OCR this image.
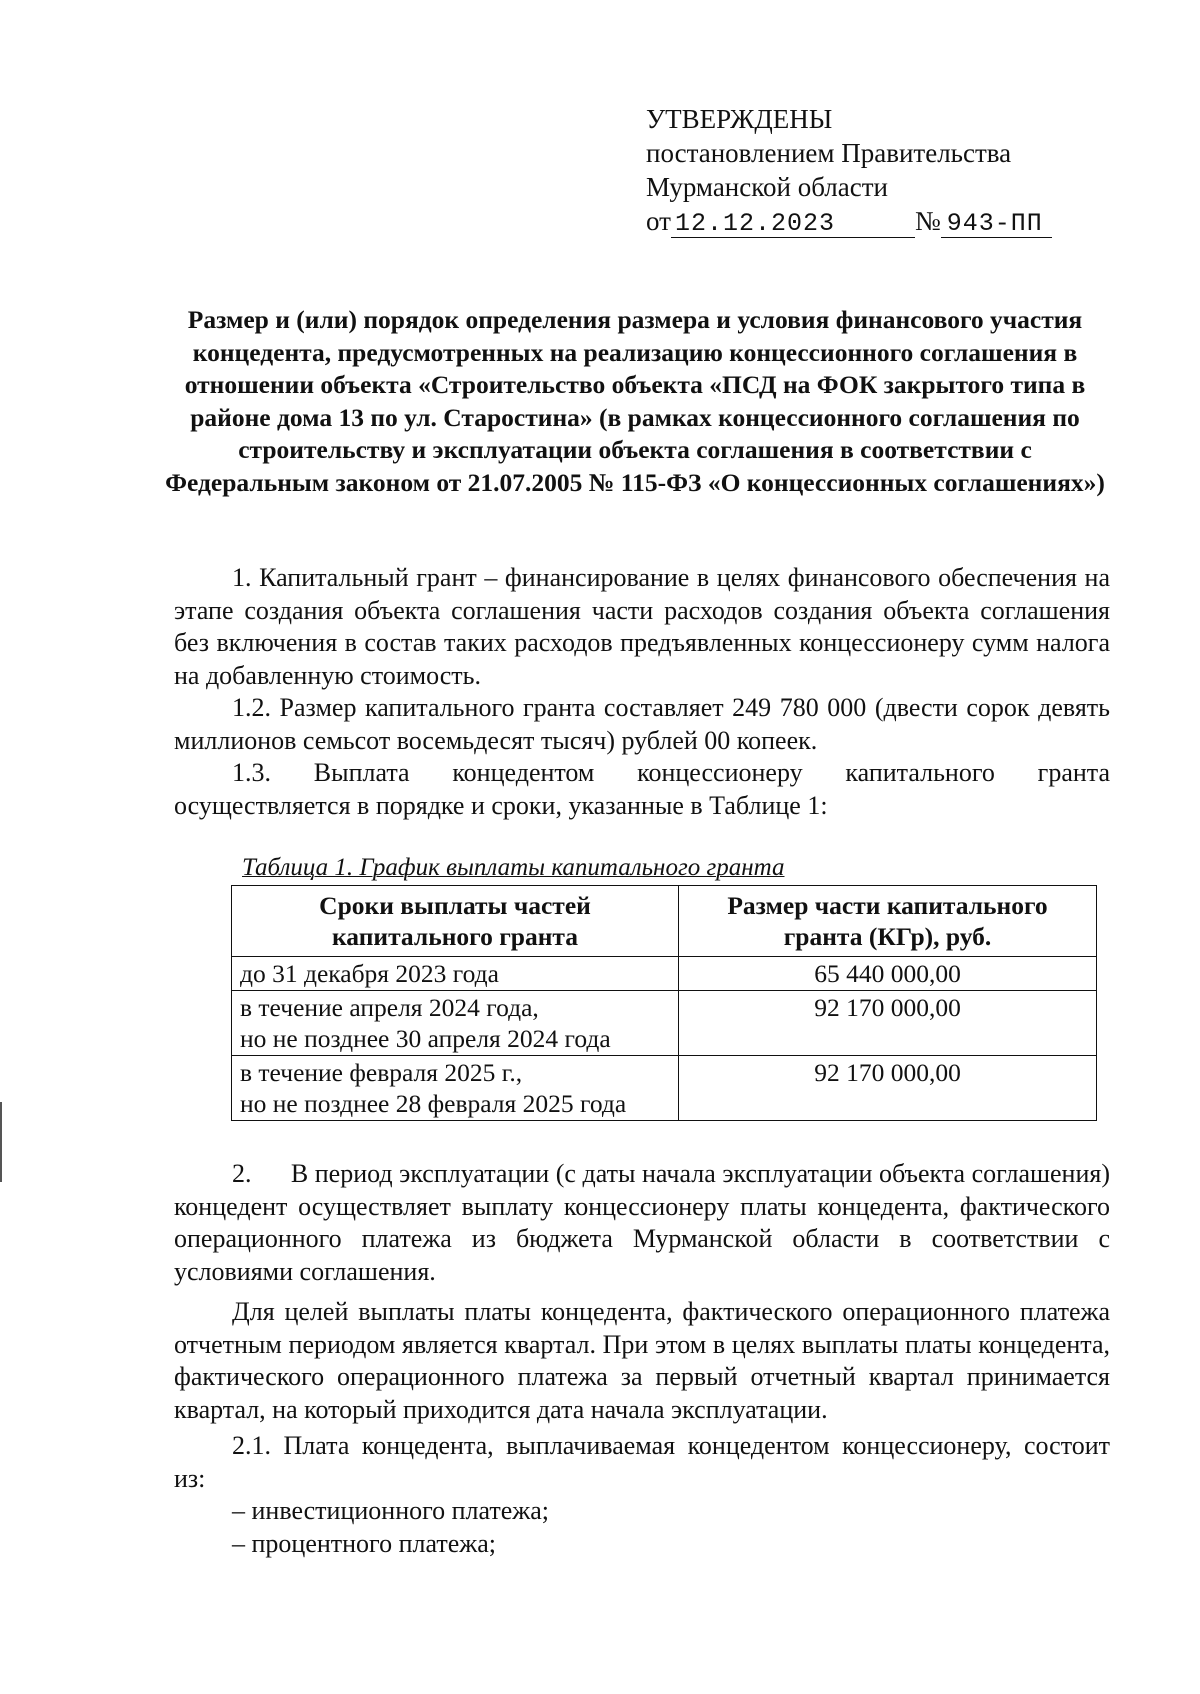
УТВЕРЖДЕНЫ
постановлением Правительства
Мурманской области
от 12.12.2023	№ 943-ПП
Размер и (или) порядок определения размера и условия финансового участия концедента, предусмотренных на реализацию концессионного соглашения в отношении объекта «Строительство объекта «ПСД на ФОК закрытого типа в районе дома 13 по ул. Старостина» (в рамках концессионного соглашения по строительству и эксплуатации объекта соглашения в соответствии с Федеральным законом от 21.07.2005 № 115-ФЗ «О концессионных соглашениях»)

1. Капитальный грант – финансирование в целях финансового обеспечения на этапе создания объекта соглашения части расходов создания объекта соглашения без включения в состав таких расходов предъявленных концессионеру сумм налога на добавленную стоимость.

1.2. Размер капитального гранта составляет 249 780 000 (двести сорок девять миллионов семьсот восемьдесят тысяч) рублей 00 копеек.

1.3. Выплата концедентом концессионеру капитального гранта осуществляется в порядке и сроки, указанные в Таблице 1:

Таблица 1. График выплаты капитального гранта
Сроки выплаты частей капитального гранта	Размер части капитального гранта (КГр), руб.

до 31 декабря 2023 года	65 440 000,00

в течение апреля 2024 года,
но не позднее 30 апреля 2024 года	92 170 000,00

в течение февраля 2025 г.,
но не позднее 28 февраля 2025 года	92 170 000,00

2.      В период эксплуатации (с даты начала эксплуатации объекта соглашения) концедент осуществляет выплату концессионеру платы концедента, фактического операционного платежа из бюджета Мурманской области в соответствии с условиями соглашения.

Для целей выплаты платы концедента, фактического операционного платежа отчетным периодом является квартал. При этом в целях выплаты платы концедента, фактического операционного платежа за первый отчетный квартал принимается квартал, на который приходится дата начала эксплуатации.

2.1. Плата концедента, выплачиваемая концедентом концессионеру, состоит из:

– инвестиционного платежа;

– процентного платежа;
